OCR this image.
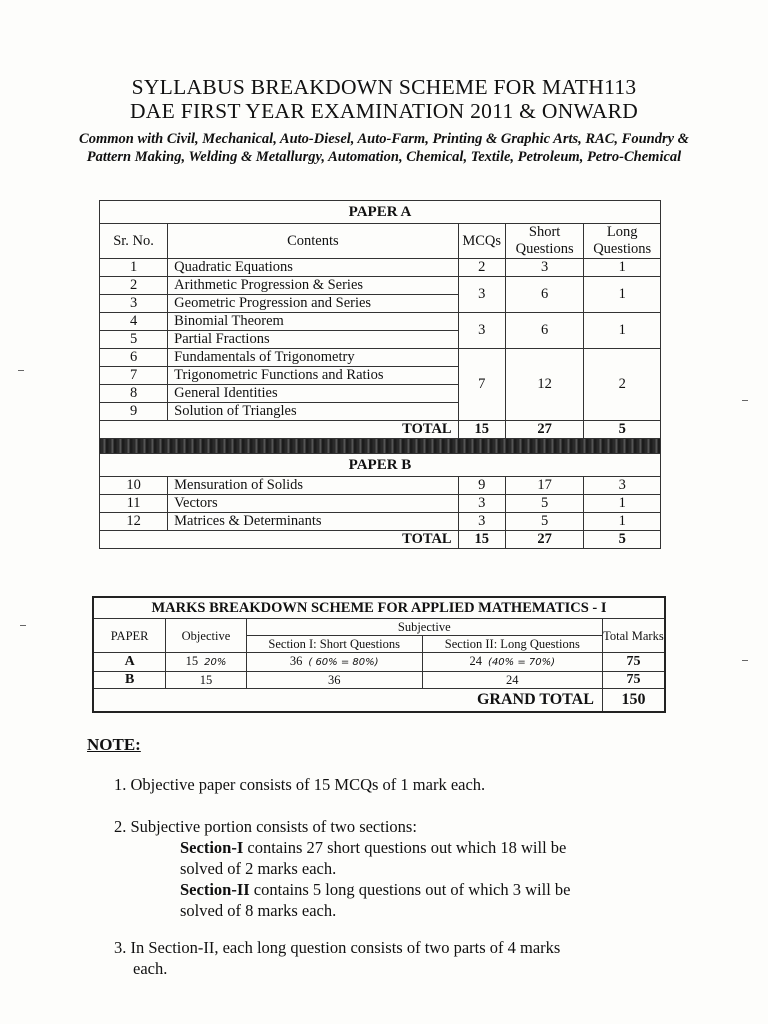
SYLLABUS BREAKDOWN SCHEME FOR MATH113
DAE FIRST YEAR EXAMINATION 2011 & ONWARD
Common with Civil, Mechanical, Auto-Diesel, Auto-Farm, Printing & Graphic Arts, RAC, Foundry & Pattern Making, Welding & Metallurgy, Automation, Chemical, Textile, Petroleum, Petro-Chemical
PAPER A				
Sr. No.	Contents	MCQs	Short Questions	Long Questions
1	Quadratic Equations	2	3	1
2	Arithmetic Progression & Series	3	6	1
3	Geometric Progression and Series			
4	Binomial Theorem	3	6	1
5	Partial Fractions			
6	Fundamentals of Trigonometry	7	12	2
7	Trigonometric Functions and Ratios			
8	General Identities			
9	Solution of Triangles			
TOTAL		15	27	5

PAPER B				
10	Mensuration of Solids	9	17	3
11	Vectors	3	5	1
12	Matrices & Determinants	3	5	1
TOTAL		15	27	5
MARKS BREAKDOWN SCHEME FOR APPLIED MATHEMATICS - I				
PAPER	Objective	Subjective		Total Marks
		Section I: Short Questions	Section II: Long Questions	
A	15 20%	36 ( 60% = 80%)	24 (40% = 70%)	75
B	15	36	24	75
GRAND TOTAL				150
NOTE:
1. Objective paper consists of 15 MCQs of 1 mark each.
2. Subjective portion consists of two sections:
Section-I contains 27 short questions out which 18 will be
solved of 2 marks each.
Section-II contains 5 long questions out of which 3 will be
solved of 8 marks each.
3. In Section-II, each long question consists of two parts of 4 marks
each.
